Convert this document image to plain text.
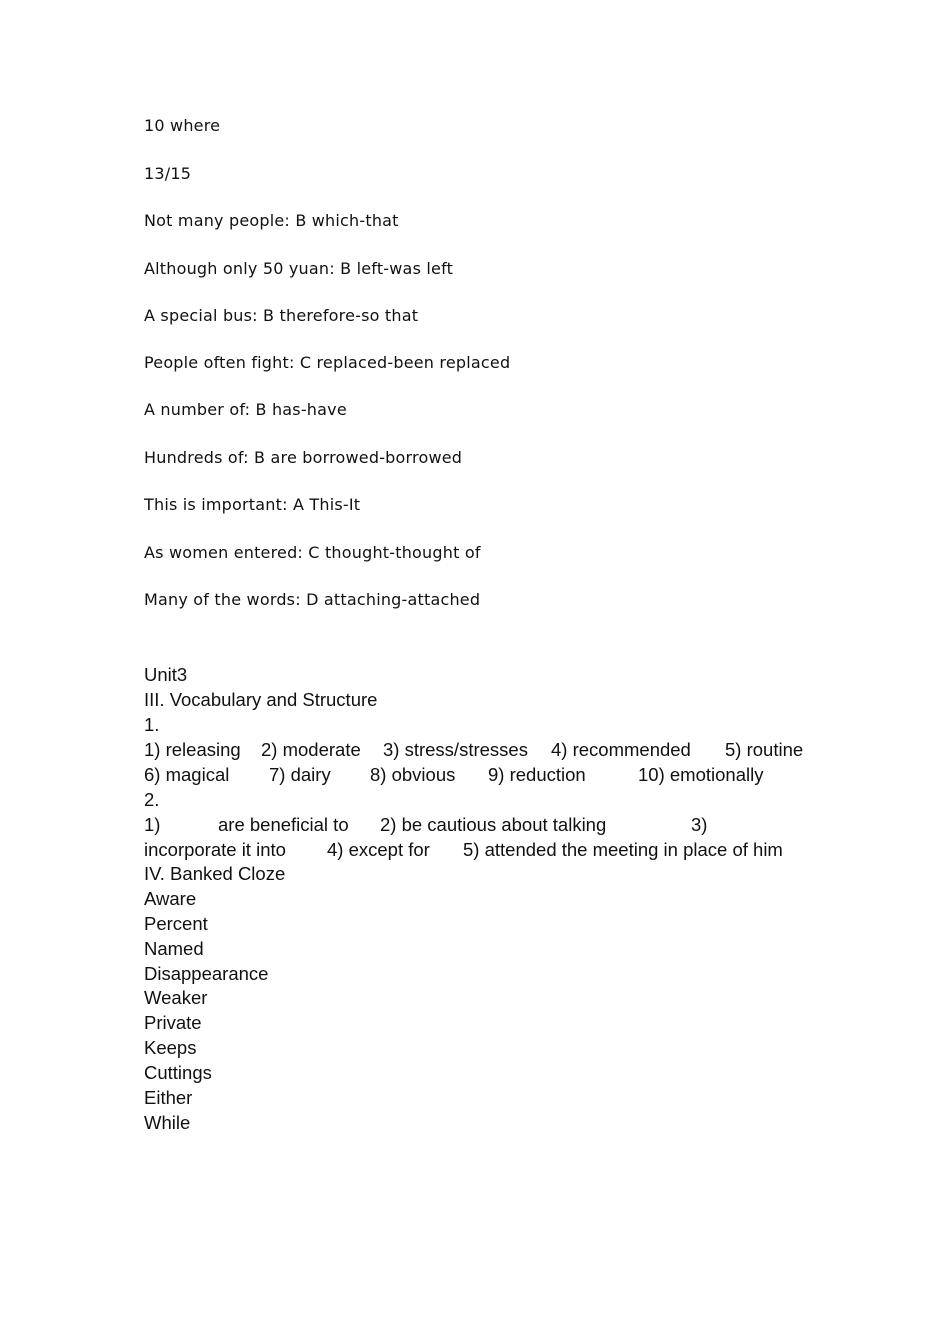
10 where
13/15
Not many people: B which-that
Although only 50 yuan: B left-was left
A special bus: B therefore-so that
People often fight: C replaced-been replaced
A number of: B has-have
Hundreds of: B are borrowed-borrowed
This is important: A This-It
As women entered: C thought-thought of
Many of the words: D attaching-attached
Unit3
III. Vocabulary and Structure
1.

1) releasing

2) moderate

3) stress/stresses

4) recommended

5) routine

6) magical

7) dairy

8) obvious

9) reduction

	10) emotionally

2.

1)

	are beneficial to

2) be cautious about talking

	3)

incorporate it into

4) except for

5) attended the meeting in place of him

IV. Banked Cloze
Aware
Percent
Named
Disappearance
Weaker
Private
Keeps
Cuttings
Either
While
